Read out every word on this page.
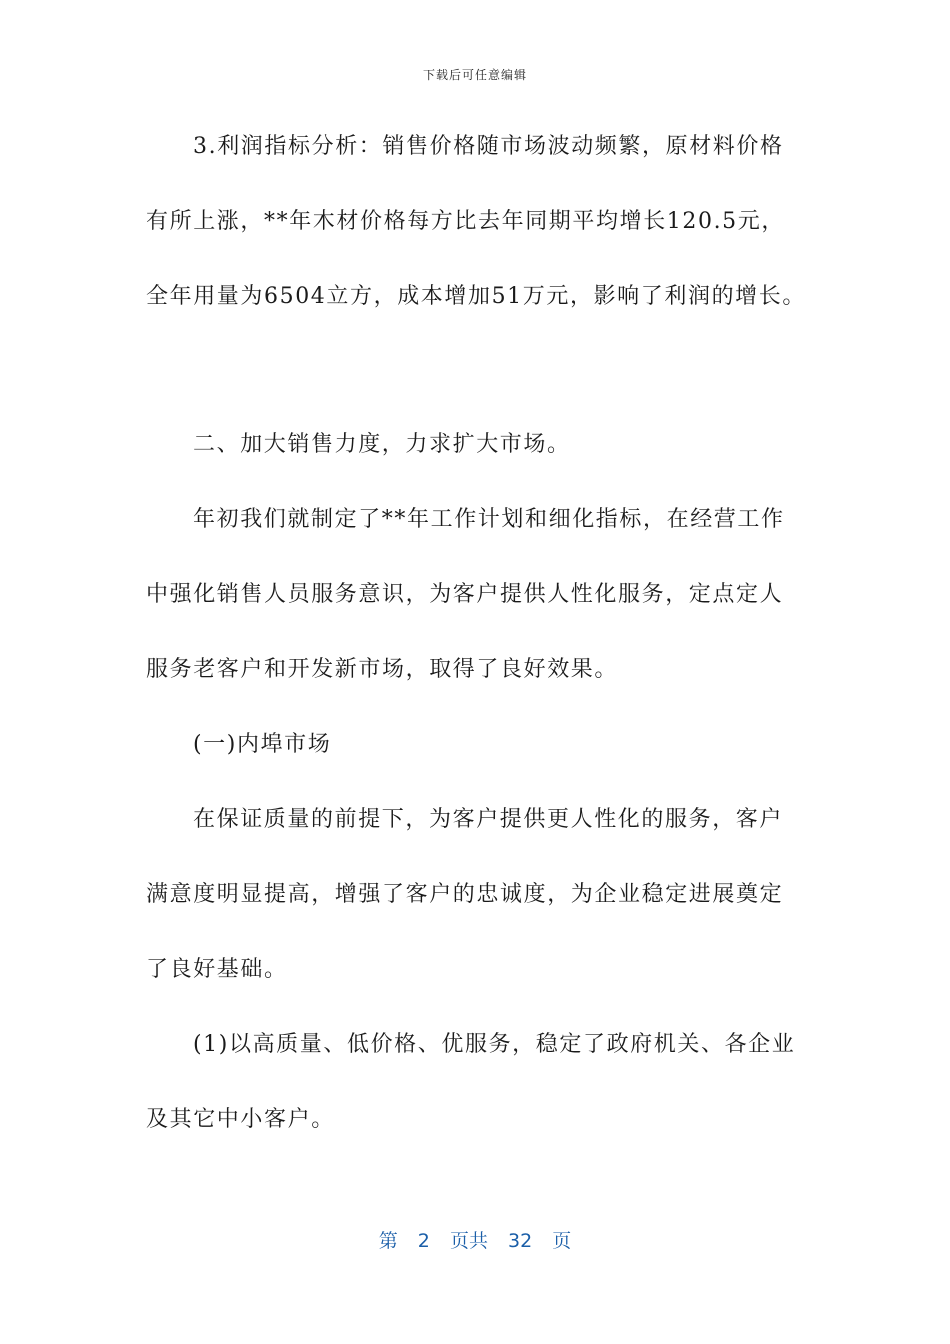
下载后可任意编辑
3.利润指标分析：销售价格随市场波动频繁，原材料价格
有所上涨，**年木材价格每方比去年同期平均增长120.5元，
全年用量为6504立方，成本增加51万元，影响了利润的增长。
二、加大销售力度，力求扩大市场。
年初我们就制定了**年工作计划和细化指标，在经营工作
中强化销售人员服务意识，为客户提供人性化服务，定点定人
服务老客户和开发新市场，取得了良好效果。
(一)内埠市场
在保证质量的前提下，为客户提供更人性化的服务，客户
满意度明显提高，增强了客户的忠诚度，为企业稳定进展奠定
了良好基础。
(1)以高质量、低价格、优服务，稳定了政府机关、各企业
及其它中小客户。
第 2 页共 32 页
